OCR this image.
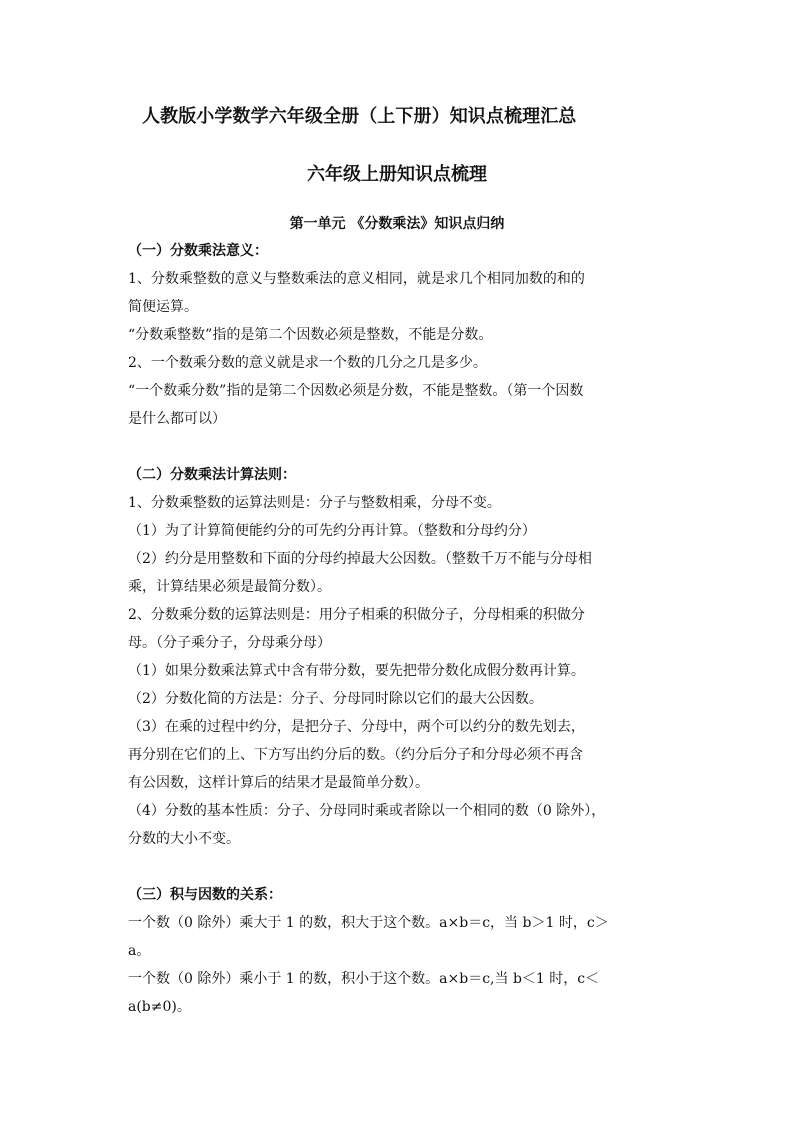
人教版小学数学六年级全册（上下册）知识点梳理汇总
六年级上册知识点梳理
第一单元 《分数乘法》知识点归纳
（一）分数乘法意义：
1、分数乘整数的意义与整数乘法的意义相同，就是求几个相同加数的和的
简便运算。
“分数乘整数”指的是第二个因数必须是整数，不能是分数。
2、一个数乘分数的意义就是求一个数的几分之几是多少。
“一个数乘分数”指的是第二个因数必须是分数，不能是整数。（第一个因数
是什么都可以）
（二）分数乘法计算法则：
1、分数乘整数的运算法则是：分子与整数相乘，分母不变。
（1）为了计算简便能约分的可先约分再计算。（整数和分母约分）
（2）约分是用整数和下面的分母约掉最大公因数。（整数千万不能与分母相
乘，计算结果必须是最简分数）。
2、分数乘分数的运算法则是：用分子相乘的积做分子，分母相乘的积做分
母。（分子乘分子，分母乘分母）
（1）如果分数乘法算式中含有带分数，要先把带分数化成假分数再计算。
（2）分数化简的方法是：分子、分母同时除以它们的最大公因数。
（3）在乘的过程中约分，是把分子、分母中，两个可以约分的数先划去，
再分别在它们的上、下方写出约分后的数。（约分后分子和分母必须不再含
有公因数，这样计算后的结果才是最简单分数）。
（4）分数的基本性质：分子、分母同时乘或者除以一个相同的数（0 除外），
分数的大小不变。
（三）积与因数的关系：
一个数（0 除外）乘大于 1 的数，积大于这个数。a×b＝c，当 b＞1 时，c＞
a。
一个数（0 除外）乘小于 1 的数，积小于这个数。a×b＝c,当 b＜1 时，c＜
a(b≠0)。
